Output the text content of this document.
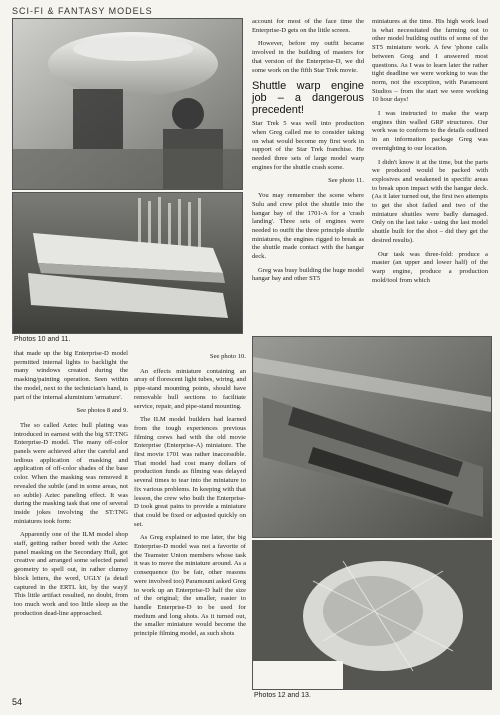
SCI-FI & FANTASY MODELS
Photos 10 and 11.

that made up the big Enterprise-D model permitted internal lights to backlight the many windows created during the masking/painting operation. Seen within the model, next to the technician's hand, is part of the internal aluminium 'armature'.

See photos 8 and 9.

The so called Aztec hull plating was introduced in earnest with the big ST:TNG Enterprise-D model. The many off-color panels were achieved after the careful and tedious application of masking and application of off-color shades of the base color. When the masking was removed it revealed the subtle (and in some areas, not so subtle) Aztec paneling effect. It was during the masking task that one of several inside jokes involving the ST:TNG miniatures took form:

Apparently one of the ILM model shop staff, getting rather bored with the Aztec panel masking on the Secondary Hull, got creative and arranged some selected panel geometry to spell out, in rather clumsy block letters, the word, UGLY (a detail captured in the ERTL kit, by the way)! This little artifact resulted, no doubt, from too much work and too little sleep as the production dead-line approached.

See photo 10.

An effects miniature containing an array of florescent light tubes, wiring, and pipe-stand mounting points, should have removable hull sections to facilitate service, repair, and pipe-stand mounting.

The ILM model builders had learned from the tough experiences previous filming crews had with the old movie Enterprise (Enterprise-A) miniature. The first movie 1701 was rather inaccessible. That model had cost many dollars of production funds as filming was delayed several times to tear into the miniature to fix various problems. In keeping with that lesson, the crew who built the Enterprise-D took great pains to provide a miniature that could be fixed or adjusted quickly on set.

As Greg explained to me later, the big Enterprise-D model was not a favorite of the Teamster Union members whose task it was to move the miniature around. As a consequence (to be fair, other reasons were involved too) Paramount asked Greg to work up an Enterprise-D half the size of the original; the smaller, easier to handle Enterprise-D to be used for medium and long shots. As it turned out, the smaller miniature would become the principle filming model, as such shots

account for most of the face time the Enterprise-D gets on the little screen.

However, before my outfit became involved in the building of masters for that version of the Enterprise-D, we did some work on the fifth Star Trek movie.

Shuttle warp engine job – a dangerous precedent!

Star Trek 5 was well into production when Greg called me to consider taking on what would become my first work in support of the Star Trek franchise. He needed three sets of large model warp engines for the shuttle crash scene.

See photo 11.

You may remember the scene where Sulu and crew pilot the shuttle into the hangar bay of the 1701-A for a 'crash landing'. Three sets of engines were needed to outfit the three principle shuttle miniatures, the engines rigged to break as the shuttle made contact with the hangar deck.

Greg was busy building the huge model hangar bay and other ST5

miniatures at the time. His high work load is what necessitated the farming out to other model building outfits of some of the ST5 miniature work. A few 'phone calls between Greg and I answered most questions. As I was to learn later the rather tight deadline we were working to was the norm, not the exception, with Paramount Studios – from the start we were working 10 hour days!

I was instructed to make the warp engines thin walled GRP structures. Our work was to conform to the details outlined in an information package Greg was overnighting to our location.

I didn't know it at the time, but the parts we produced would be packed with explosives and weakened in specific areas to break upon impact with the hangar deck. (As it later turned out, the first two attempts to get the shot failed and two of the miniature shuttles were badly damaged. Only on the last take - using the last model shuttle built for the shot – did they get the desired results).

Our task was three-fold: produce a master (an upper and lower half) of the warp engine, produce a production mold/tool from which

Photos 12 and 13.
54
